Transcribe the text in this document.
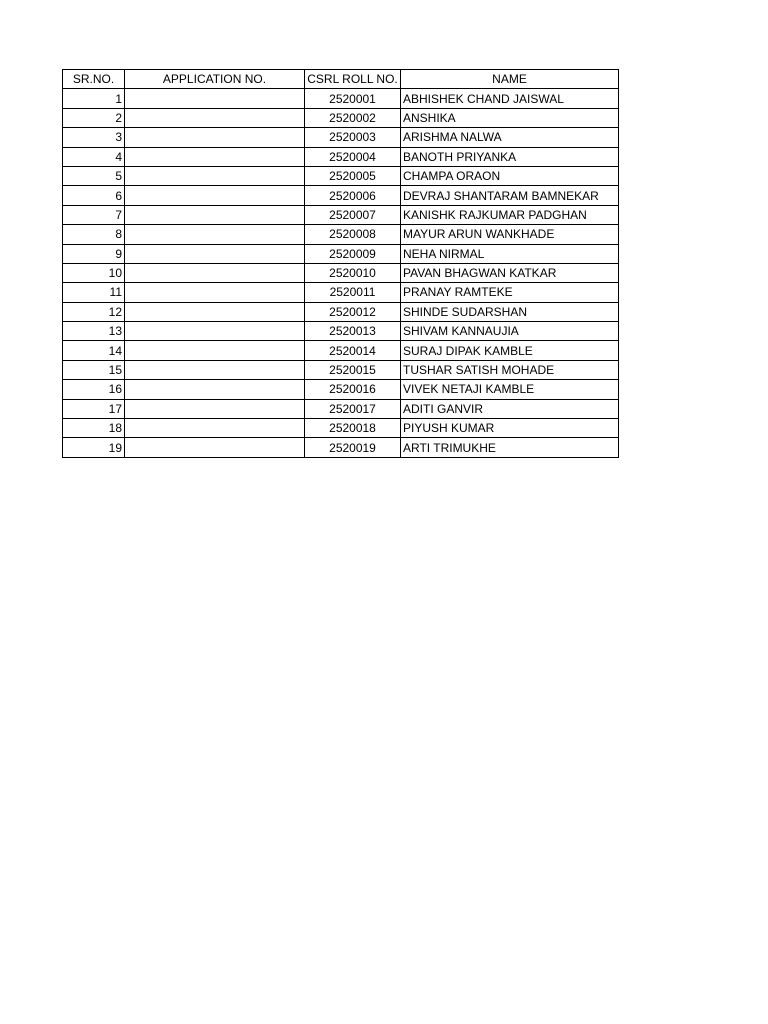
SR.NO.	APPLICATION NO.	CSRL ROLL NO.	NAME
1		2520001	ABHISHEK CHAND JAISWAL
2		2520002	ANSHIKA
3		2520003	ARISHMA NALWA
4		2520004	BANOTH PRIYANKA
5		2520005	CHAMPA ORAON
6		2520006	DEVRAJ SHANTARAM BAMNEKAR
7		2520007	KANISHK RAJKUMAR PADGHAN
8		2520008	MAYUR ARUN WANKHADE
9		2520009	NEHA NIRMAL
10		2520010	PAVAN BHAGWAN KATKAR
11		2520011	PRANAY RAMTEKE
12		2520012	SHINDE SUDARSHAN
13		2520013	SHIVAM KANNAUJIA
14		2520014	SURAJ DIPAK KAMBLE
15		2520015	TUSHAR SATISH MOHADE
16		2520016	VIVEK NETAJI KAMBLE
17		2520017	ADITI GANVIR
18		2520018	PIYUSH KUMAR
19		2520019	ARTI TRIMUKHE
